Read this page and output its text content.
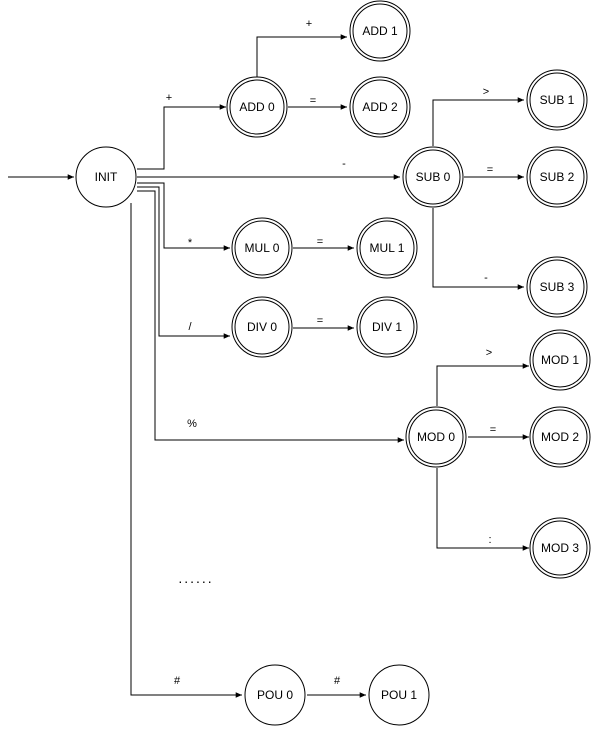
+
+
=
-
>
=
-
*	=
/	=
%
>
=
:
#	#
INIT
ADD 0
ADD 1
ADD 2
SUB 0
SUB 1
SUB 2
SUB 3
MUL 0	MUL 1
DIV 0	DIV 1
MOD 0
MOD 1
MOD 2
MOD 3
POU 0	POU 1
......
